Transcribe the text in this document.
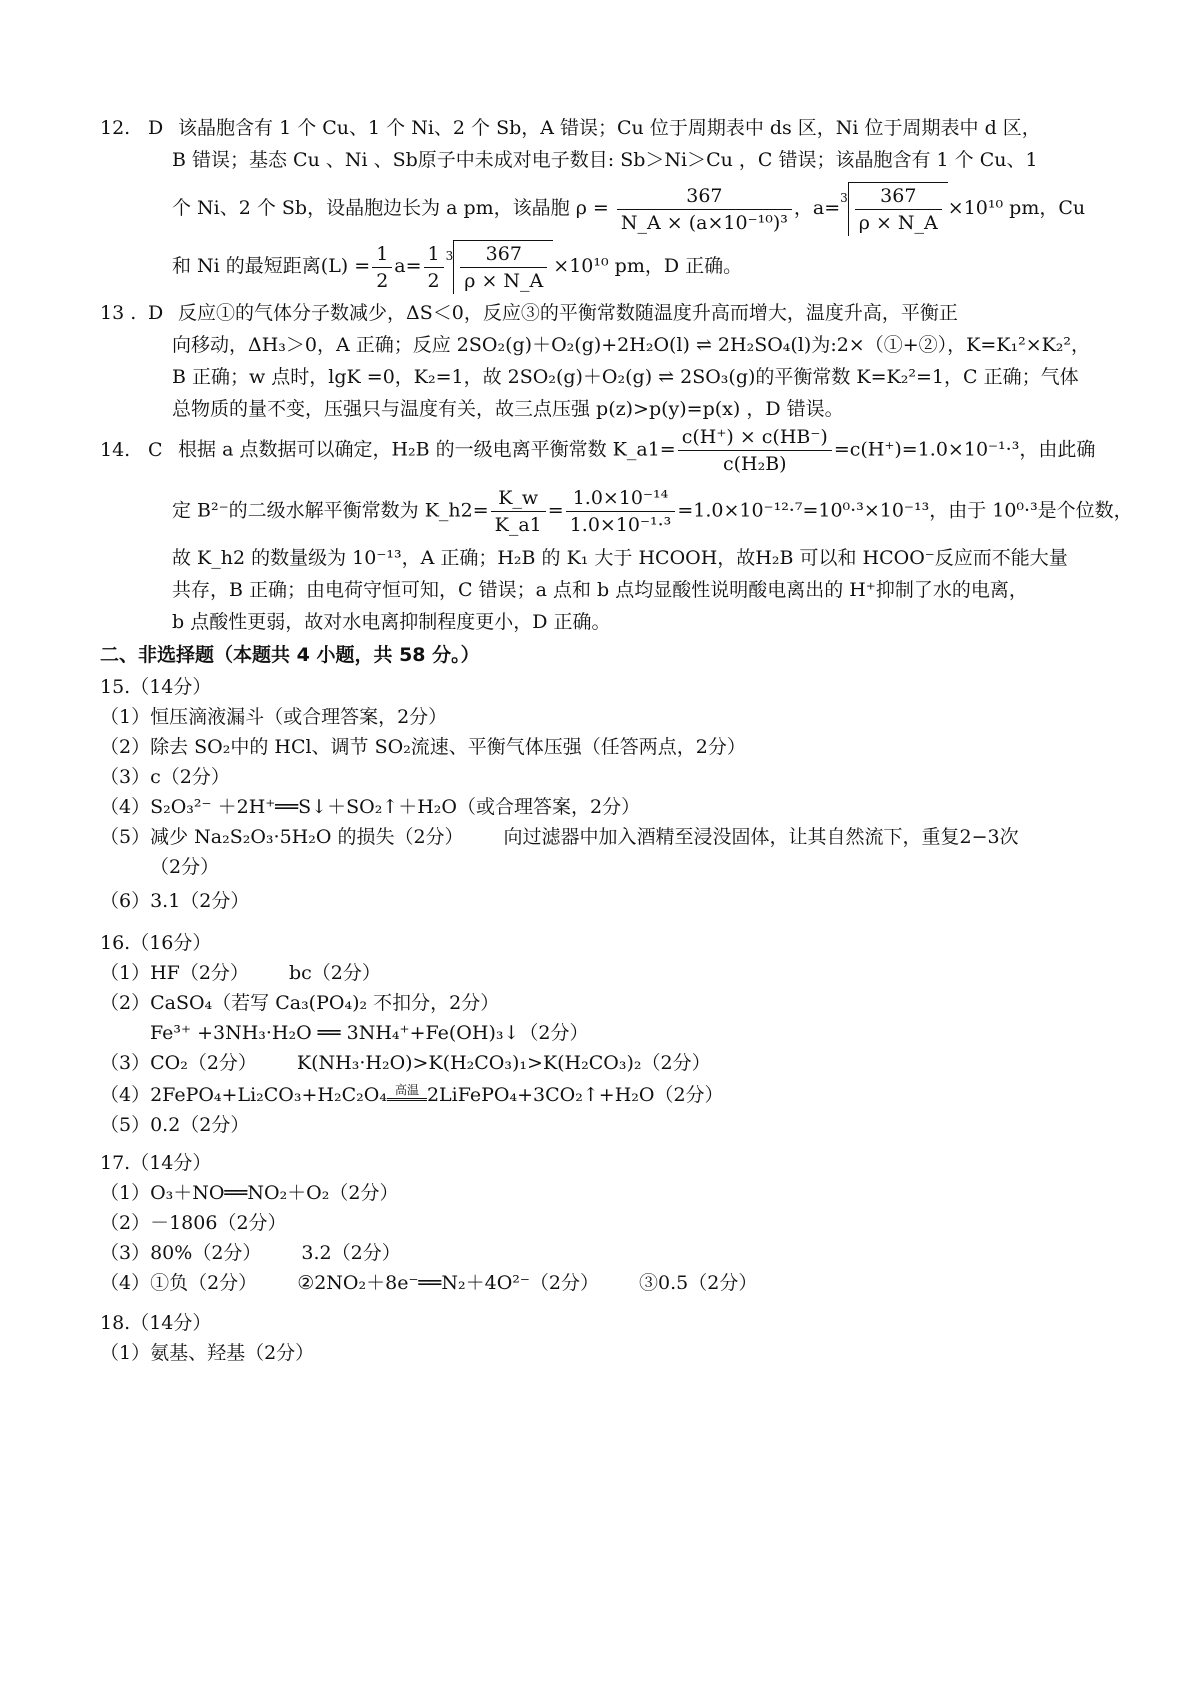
12. D 该晶胞含有 1 个 Cu、1 个 Ni、2 个 Sb，A 错误；Cu 位于周期表中 ds 区，Ni 位于周期表中 d 区，
B 错误；基态 Cu 、Ni 、Sb原子中未成对电子数目: Sb＞Ni＞Cu ，C 错误；该晶胞含有 1 个 Cu、1
个 Ni、2 个 Sb，设晶胞边长为 a pm，该晶胞 $\rho = \frac{367}{\text{N\_A × (a×10⁻¹⁰)³}}$ ，$a=^3 \frac{367}{\rho \times N\_A} \times 10^{10}$ pm，Cu
和 Ni 的最短距离$(L) = \frac{1}{2} a= \frac{1}{2} ^3 \frac{367}{\rho \times N\_A} \times 10^{10}$ pm，D 正确。
13 . D 反应①的气体分子数减少，ΔS＜0，反应③的平衡常数随温度升高而增大，温度升高，平衡正
向移动，ΔH₃＞0，A 正确；反应 2SO₂(g)＋O₂(g)+2H₂O(l) ⇌ 2H₂SO₄(l)为:2×（①+②），K=K₁²×K₂²，
B 正确；w 点时，lgK =0，K₂=1，故 2SO₂(g)＋O₂(g) ⇌ 2SO₃(g)的平衡常数 K=K₂²=1，C 正确；气体
总物质的量不变，压强只与温度有关，故三点压强 p(z)>p(y)=p(x) ，D 错误。
14. C 根据 a 点数据可以确定，H₂B 的一级电离平衡常数 K_a1= $\frac{c(H^+) \times c(HB^-)}{\text{c(H₂B)}} =c(H^+)=1.0\times 10^{-1}\cdot^3$，由此确
定 B²⁻的二级水解平衡常数为 K_h2= $\frac{K\_w}{K\_a1} = \frac{\text{1.0×10⁻¹⁴}}{\text{1.0×10⁻¹·³}} =1.0\times 10^{-12}\cdot^7=10^0\cdot^3\times 10^{-13}$，由于 10⁰·³是个位数，
故 K_h2 的数量级为 10⁻¹³，A 正确；H₂B 的 K₁ 大于 HCOOH，故H₂B 可以和 HCOO⁻反应而不能大量
共存，B 正确；由电荷守恒可知，C 错误；a 点和 b 点均显酸性说明酸电离出的 H⁺抑制了水的电离，
b 点酸性更弱，故对水电离抑制程度更小，D 正确。
二、非选择题（本题共 4 小题，共 58 分。）
15.（14分）
（1）恒压滴液漏斗（或合理答案，2分）
（2）除去 SO₂中的 HCl、调节 SO₂流速、平衡气体压强（任答两点，2分）
（3）c（2分）
（4）S₂O₃²⁻ ＋2H⁺══S↓＋SO₂↑＋H₂O（或合理答案，2分）
（5）减少 Na₂S₂O₃·5H₂O 的损失（2分） 向过滤器中加入酒精至浸没固体，让其自然流下，重复2−3次
（2分）
（6）3.1（2分）
16.（16分）
（1）HF（2分） bc（2分）
（2）CaSO₄（若写 Ca₃(PO₄)₂ 不扣分，2分）
Fe³⁺ +3NH₃·H₂O ══ 3NH₄⁺+Fe(OH)₃↓（2分）
（3）CO₂（2分） K(NH₃·H₂O)>K(H₂CO₃)₁>K(H₂CO₃)₂（2分）
（4）2FePO₄+Li₂CO₃+H₂C₂O₄ 高温 2LiFePO₄+3CO₂↑+H₂O（2分）
（5）0.2（2分）
17.（14分）
（1）O₃＋NO══NO₂＋O₂（2分）
（2）－1806（2分）
（3）80%（2分） 3.2（2分）
（4）①负（2分） ②2NO₂＋8e⁻══N₂＋4O²⁻（2分） ③0.5（2分）
18.（14分）
（1）氨基、羟基（2分）
